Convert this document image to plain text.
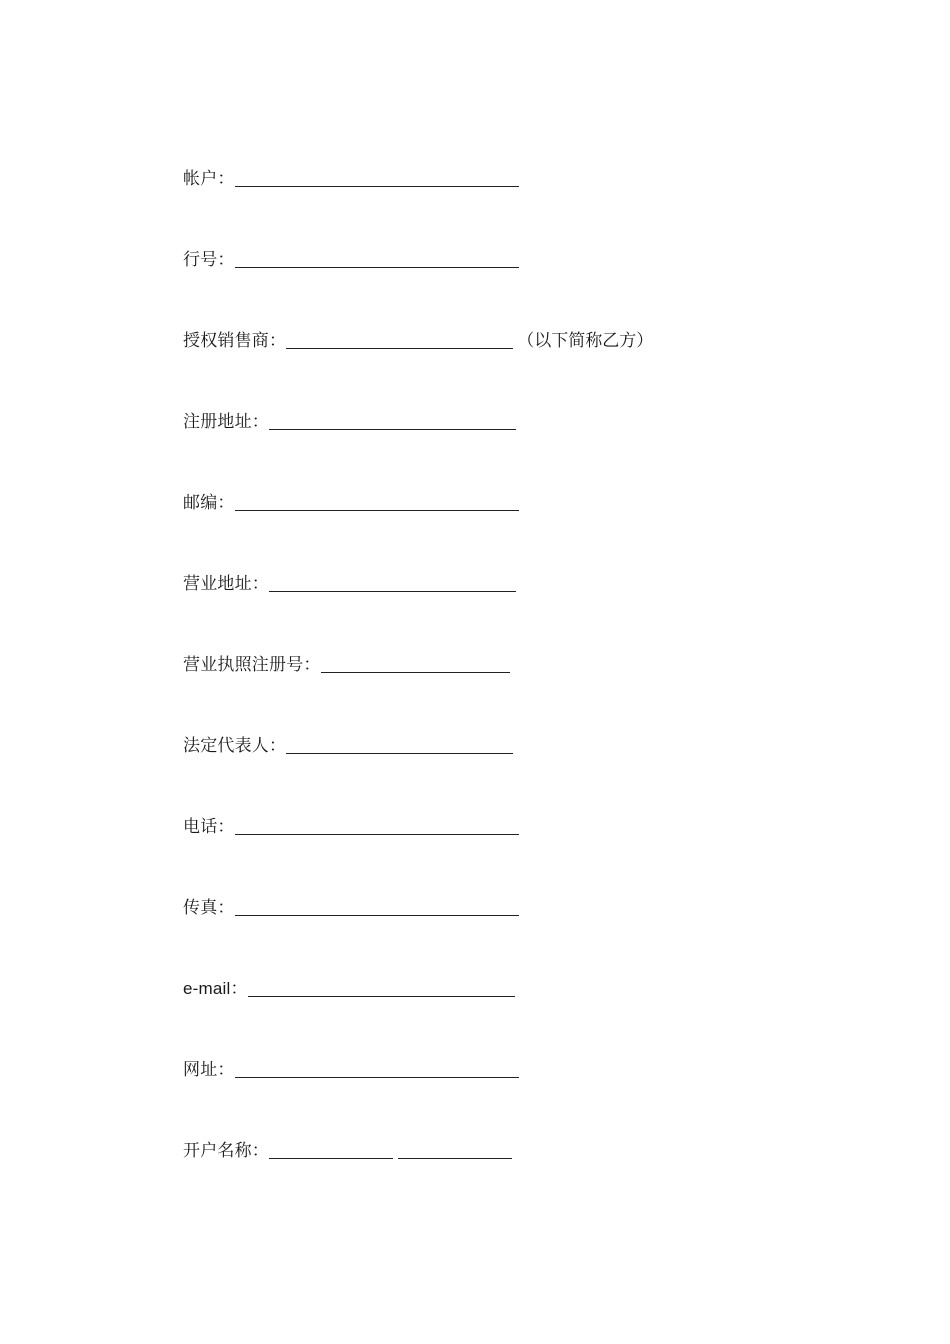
帐户：
行号：
授权销售商：	（以下简称乙方）
注册地址：
邮编：
营业地址：
营业执照注册号：
法定代表人：
电话：
传真：
e-mail：
网址：
开户名称：
